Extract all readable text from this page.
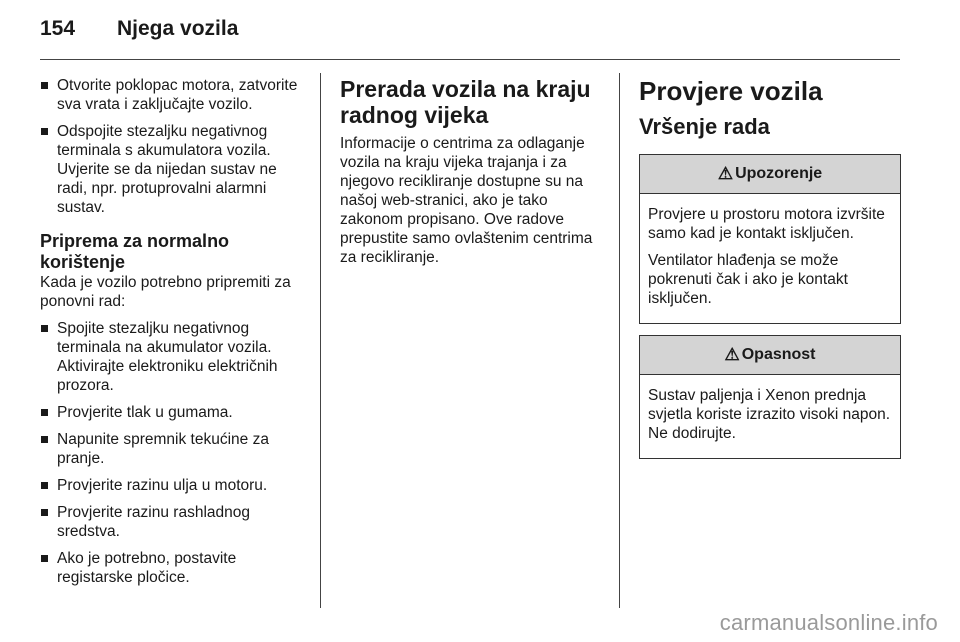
154 Njega vozila
Otvorite poklopac motora, zatvorite sva vrata i zaključajte vozilo.
Odspojite stezaljku negativnog terminala s akumulatora vozila. Uvjerite se da nijedan sustav ne radi, npr. protuprovalni alarmni sustav.
Priprema za normalno korištenje

Kada je vozilo potrebno pripremiti za ponovni rad:

Spojite stezaljku negativnog terminala na akumulator vozila. Aktivirajte elektroniku električnih prozora.
Provjerite tlak u gumama.
Napunite spremnik tekućine za pranje.
Provjerite razinu ulja u motoru.
Provjerite razinu rashladnog sredstva.
Ako je potrebno, postavite registarske pločice.
Prerada vozila na kraju radnog vijeka

Informacije o centrima za odlaganje vozila na kraju vijeka trajanja i za njegovo recikliranje dostupne su na našoj web-stranici, ako je tako zakonom propisano. Ove radove prepustite samo ovlaštenim centrima za recikliranje.

Provjere vozila
Vršenje rada
⚠ Upozorenje

Provjere u prostoru motora izvršite samo kad je kontakt isključen.

Ventilator hlađenja se može pokrenuti čak i ako je kontakt isključen.

⚠ Opasnost

Sustav paljenja i Xenon prednja svjetla koriste izrazito visoki napon. Ne dodirujte.

carmanualsonline.info
